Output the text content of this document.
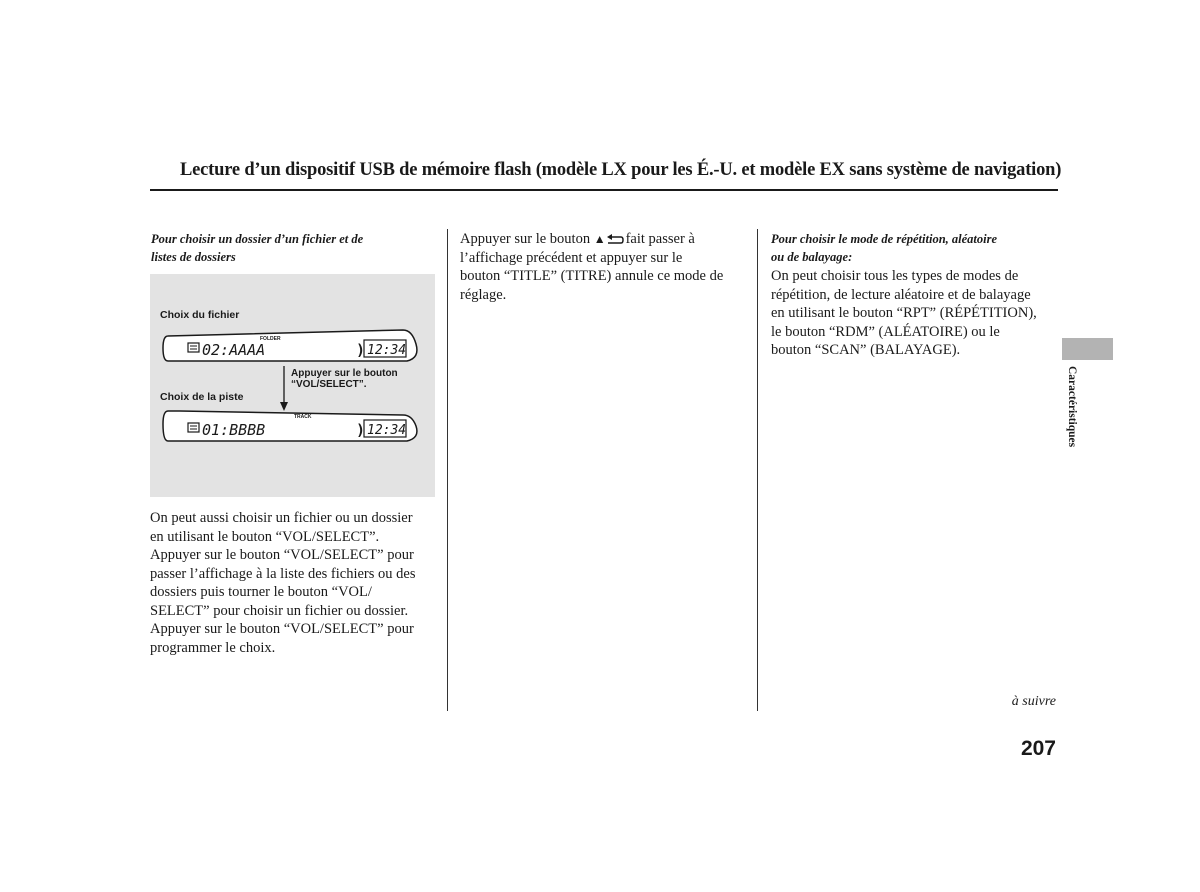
Lecture d’un dispositif USB de mémoire flash (modèle LX pour les É.-U. et modèle EX sans système de navigation)
Pour choisir un dossier d’un fichier et de
listes de dossiers
Choix du fichier
FOLDER
02:AAAA	) 12:34
Appuyer sur le bouton
“VOL/SELECT”.
Choix de la piste
TRACK
01:BBBB	) 12:34
On peut aussi choisir un fichier ou un dossier
en utilisant le bouton “VOL/SELECT”.
Appuyer sur le bouton “VOL/SELECT” pour
passer l’affichage à la liste des fichiers ou des
dossiers puis tourner le bouton “VOL/
SELECT” pour choisir un fichier ou dossier.
Appuyer sur le bouton “VOL/SELECT” pour
programmer le choix.
Appuyer sur le bouton ▲ fait passer à
l’affichage précédent et appuyer sur le
bouton “TITLE” (TITRE) annule ce mode de
réglage.
Pour choisir le mode de répétition, aléatoire
ou de balayage:
On peut choisir tous les types de modes de
répétition, de lecture aléatoire et de balayage
en utilisant le bouton “RPT” (RÉPÉTITION),
le bouton “RDM” (ALÉATOIRE) ou le
bouton “SCAN” (BALAYAGE).
Caractéristiques
à suivre
207
